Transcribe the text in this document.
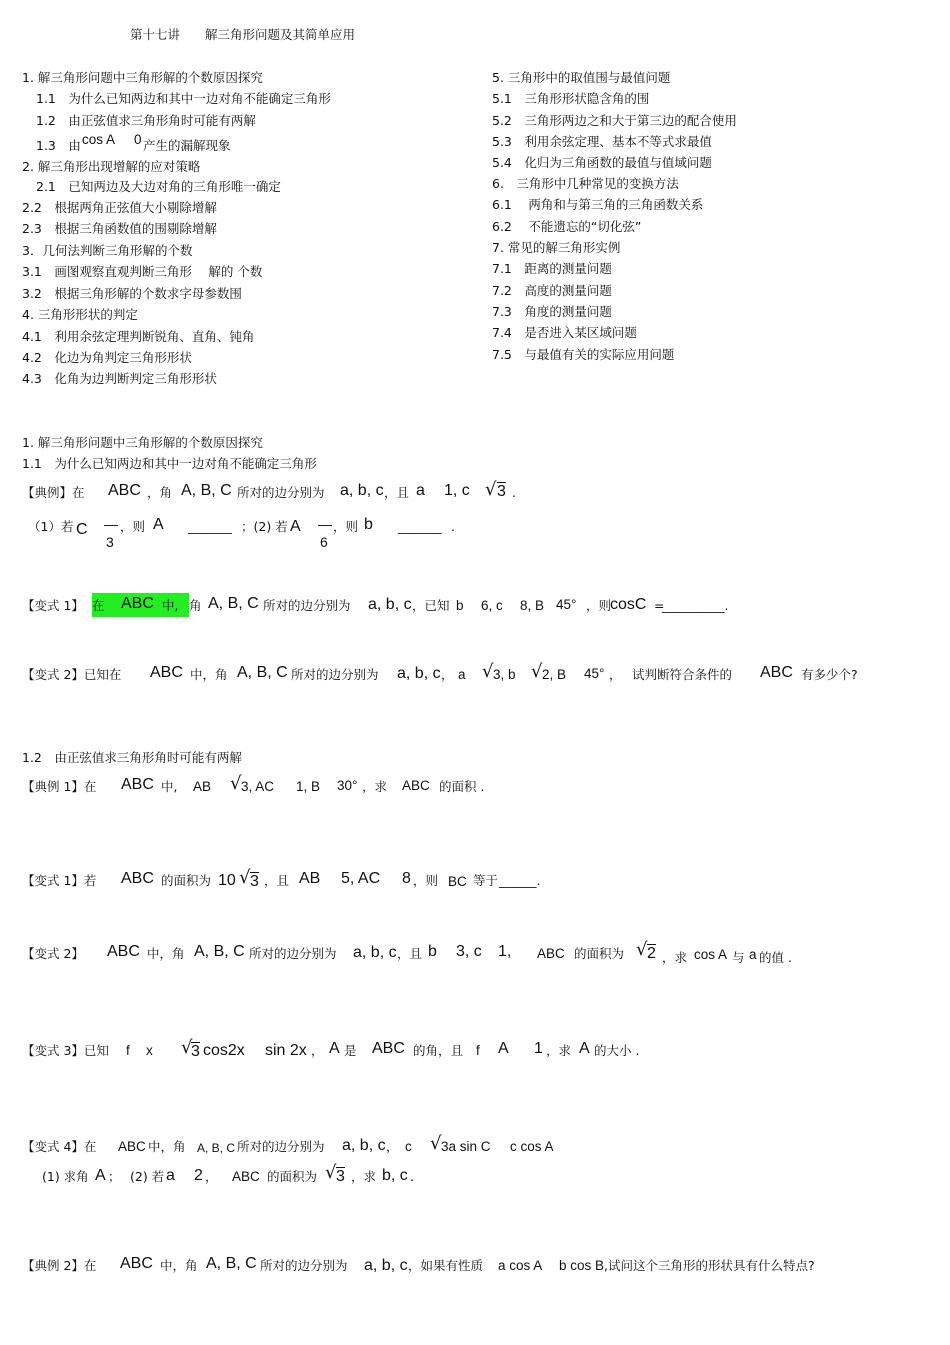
第十七讲　　解三角形问题及其简单应用
1. 解三角形问题中三角形解的个数原因探究
1.1　为什么已知两边和其中一边对角不能确定三角形
1.2　由正弦值求三角形角时可能有两解
1.3　由 cos A 0 产生的漏解现象
2. 解三角形出现增解的应对策略
2.1　已知两边及大边对角的三角形唯一确定
2.2　根据两角正弦值大小剔除增解
2.3　根据三角函数值的围剔除增解
3．几何法判断三角形解的个数
3.1　画图观察直观判断三角形　 解的 个数
3.2　根据三角形解的个数求字母参数围
4. 三角形形状的判定
4.1　利用余弦定理判断锐角、直角、钝角
4.2　化边为角判定三角形形状
4.3　化角为边判断判定三角形形状
5. 三角形中的取值围与最值问题
5.1　三角形形状隐含角的围
5.2　三角形两边之和大于第三边的配合使用
5.3　利用余弦定理、基本不等式求最值
5.4　化归为三角函数的最值与值域问题
6.　三角形中几种常见的变换方法
6.1　 两角和与第三角的三角函数关系
6.2　 不能遗忘的“切化弦”
7. 常见的解三角形实例
7.1　距离的测量问题
7.2　高度的测量问题
7.3　角度的测量问题
7.4　是否进入某区域问题
7.5　与最值有关的实际应用问题
1. 解三角形问题中三角形解的个数原因探究
1.1　为什么已知两边和其中一边对角不能确定三角形
【典例】在 ABC ，角 A, B, C 所对的边分别为 a, b, c ，且 a 1, c √ 3 .
（1）若 C —
3
，则 A _______ ；(2) 若 A —
6
，则 b _______ .
【变式 1】 在 ABC 中, 角 A, B, C 所对的边分别为 a, b, c ，已知 b 6, c　 8, B 45° ，则
cosC =
__________.
【变式 2】已知在 ABC 中，角 A, B, C 所对的边分别为 a, b, c ， a √ 3, b √ 2, B 45° ， 试判断符合条件的 ABC 有多少个?
1.2　由正弦值求三角形角时可能有两解
【典例 1】在 ABC 中, AB √ 3, AC 1, B 30° ，求 ABC 的面积 .
【变式 1】若 ABC 的面积为 10 √ 3 ，且 AB 5, AC 8 ，则 BC 等于 ______.
【变式 2】 ABC 中，角 A, B, C 所对的边分别为 a, b, c ，且 b 3, c 1, ABC 的面积为 √ 2 ，求 cos A 与 a 的值 .
【变式 3】已知 f x √
3 cos2x sin 2x ， A 是 ABC 的角，且 f A 1 ，求 A 的大小 .
【变式 4】在 ABC 中，角 A, B, C 所对的边分别为 a, b, c ， c √ 3a sin C c cos A
(1) 求角 A ； (2) 若 a 2 ， ABC 的面积为 √ 3 ，求 b, c .
【典例 2】在 ABC 中，角 A, B, C 所对的边分别为 a, b, c ，如果有性质 a cos A b cos B ,试问这个三角形的形状具有什么特点?
